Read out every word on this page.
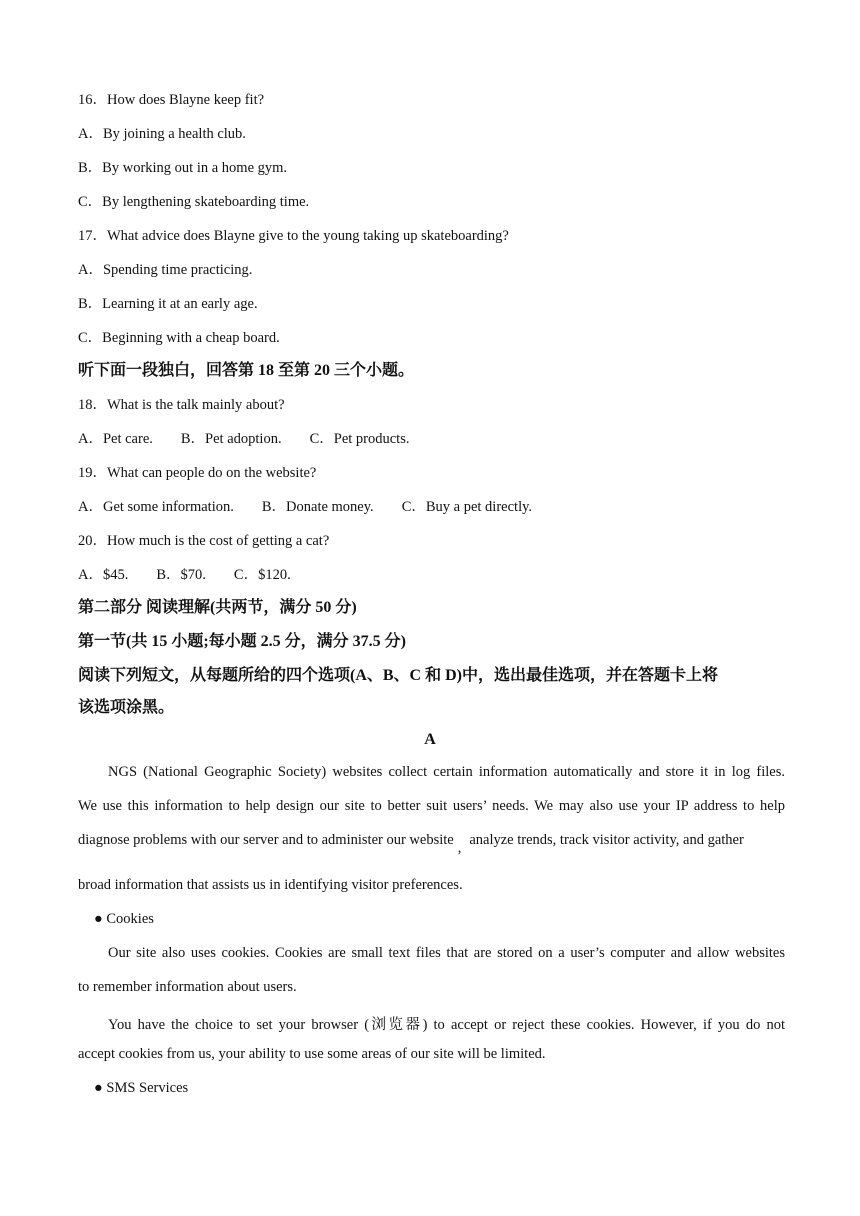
16．How does Blayne keep fit?
A．By joining a health club.
B．By working out in a home gym.
C．By lengthening skateboarding time.
17．What advice does Blayne give to the young taking up skateboarding?
A．Spending time practicing.
B．Learning it at an early age.
C．Beginning with a cheap board.
听下面一段独白，回答第 18 至第 20 三个小题。
18．What is the talk mainly about?
A．Pet care. B．Pet adoption. C．Pet products.
19．What can people do on the website?
A．Get some information. B．Donate money. C．Buy a pet directly.
20．How much is the cost of getting a cat?
A．$45. B．$70. C．$120.
第二部分 阅读理解(共两节，满分 50 分)
第一节(共 15 小题;每小题 2.5 分，满分 37.5 分)
阅读下列短文，从每题所给的四个选项(A、B、C 和 D)中，选出最佳选项，并在答题卡上将
该选项涂黑。
A
NGS (National Geographic Society) websites collect certain information automatically and store it in log files.
We use this information to help design our site to better suit users’ needs. We may also use your IP address to help
diagnose problems with our server and to administer our website , analyze trends, track visitor activity, and gather
broad information that assists us in identifying visitor preferences.
● Cookies
Our site also uses cookies. Cookies are small text files that are stored on a user’s computer and allow websites
to remember information about users.
You have the choice to set your browser (浏览器) to accept or reject these cookies. However, if you do not
accept cookies from us, your ability to use some areas of our site will be limited.
● SMS Services
